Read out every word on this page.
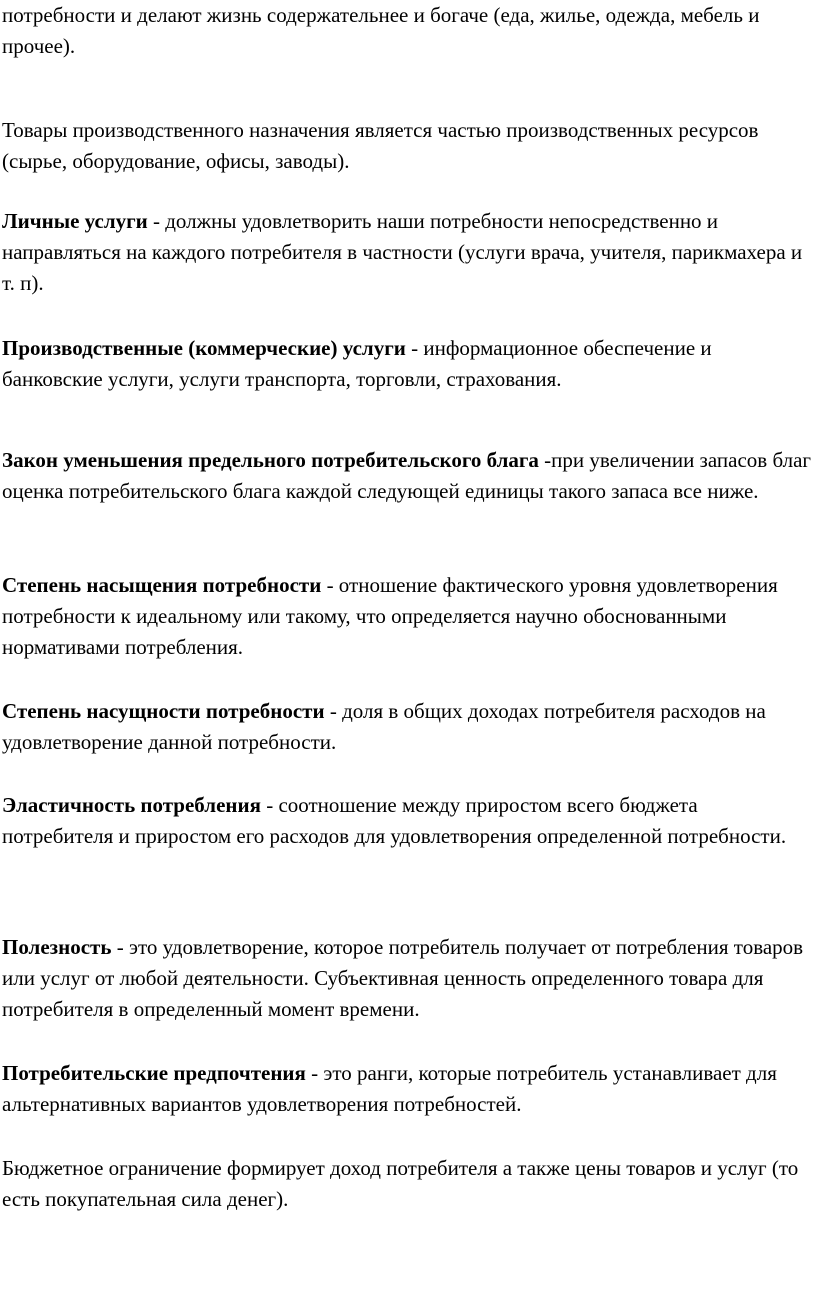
потребности и делают жизнь содержательнее и богаче (еда, жилье, одежда, мебель и прочее).

Товары производственного назначения является частью производственных ресурсов (сырье, оборудование, офисы, заводы).

Личные услуги - должны удовлетворить наши потребности непосредственно и направляться на каждого потребителя в частности (услуги врача, учителя, парикмахера и т. п).

Производственные (коммерческие) услуги - информационное обеспечение и банковские услуги, услуги транспорта, торговли, страхования.

Закон уменьшения предельного потребительского блага -при увеличении запасов благ оценка потребительского блага каждой следующей единицы такого запаса все ниже.

Степень насыщения потребности - отношение фактического уровня удовлетворения потребности к идеальному или такому, что определяется научно обоснованными нормативами потребления.

Степень насущности потребности - доля в общих доходах потребителя расходов на удовлетворение данной потребности.

Эластичность потребления - соотношение между приростом всего бюджета потребителя и приростом его расходов для удовлетворения определенной потребности.

Полезность - это удовлетворение, которое потребитель получает от потребления товаров или услуг от любой деятельности. Субъективная ценность определенного товара для потребителя в определенный момент времени.

Потребительские предпочтения - это ранги, которые потребитель устанавливает для альтернативных вариантов удовлетворения потребностей.

Бюджетное ограничение формирует доход потребителя а также цены товаров и услуг (то есть покупательная сила денег).
